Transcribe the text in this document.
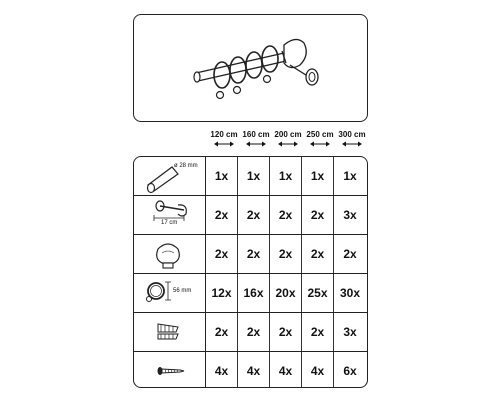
120 cm 160 cm 200 cm 250 cm 300 cm
ø 28 mm
17 cm
56 mm
1x	1x	1x	1x	1x
2x	2x	2x	2x	3x
2x	2x	2x	2x	2x
12x 16x 20x 25x	30x
2x	2x	2x	2x	3x
4x	4x	4x	4x	6x
